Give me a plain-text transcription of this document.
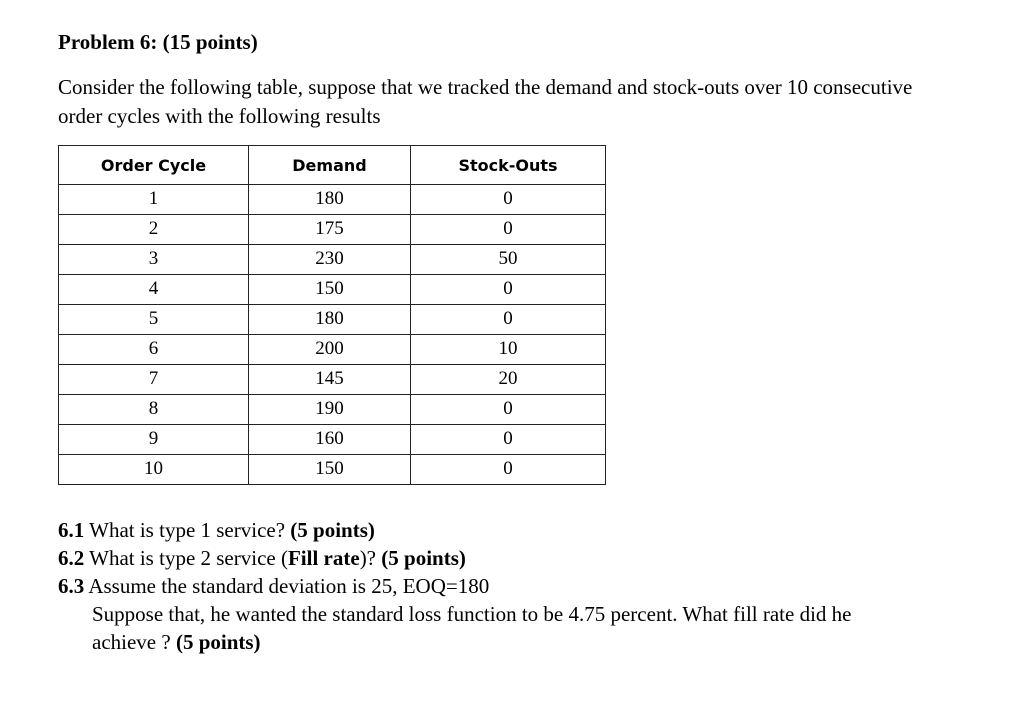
Problem 6: (15 points)

Consider the following table, suppose that we tracked the demand and stock-outs over 10 consecutive order cycles with the following results

Order Cycle	Demand	Stock-Outs
1	180	0
2	175	0
3	230	50
4	150	0
5	180	0
6	200	10
7	145	20
8	190	0
9	160	0
10	150	0

6.1 What is type 1 service? (5 points)

6.2 What is type 2 service (Fill rate)? (5 points)

6.3 Assume the standard deviation is 25, EOQ=180

Suppose that, he wanted the standard loss function to be 4.75 percent. What fill rate did he

achieve ? (5 points)
